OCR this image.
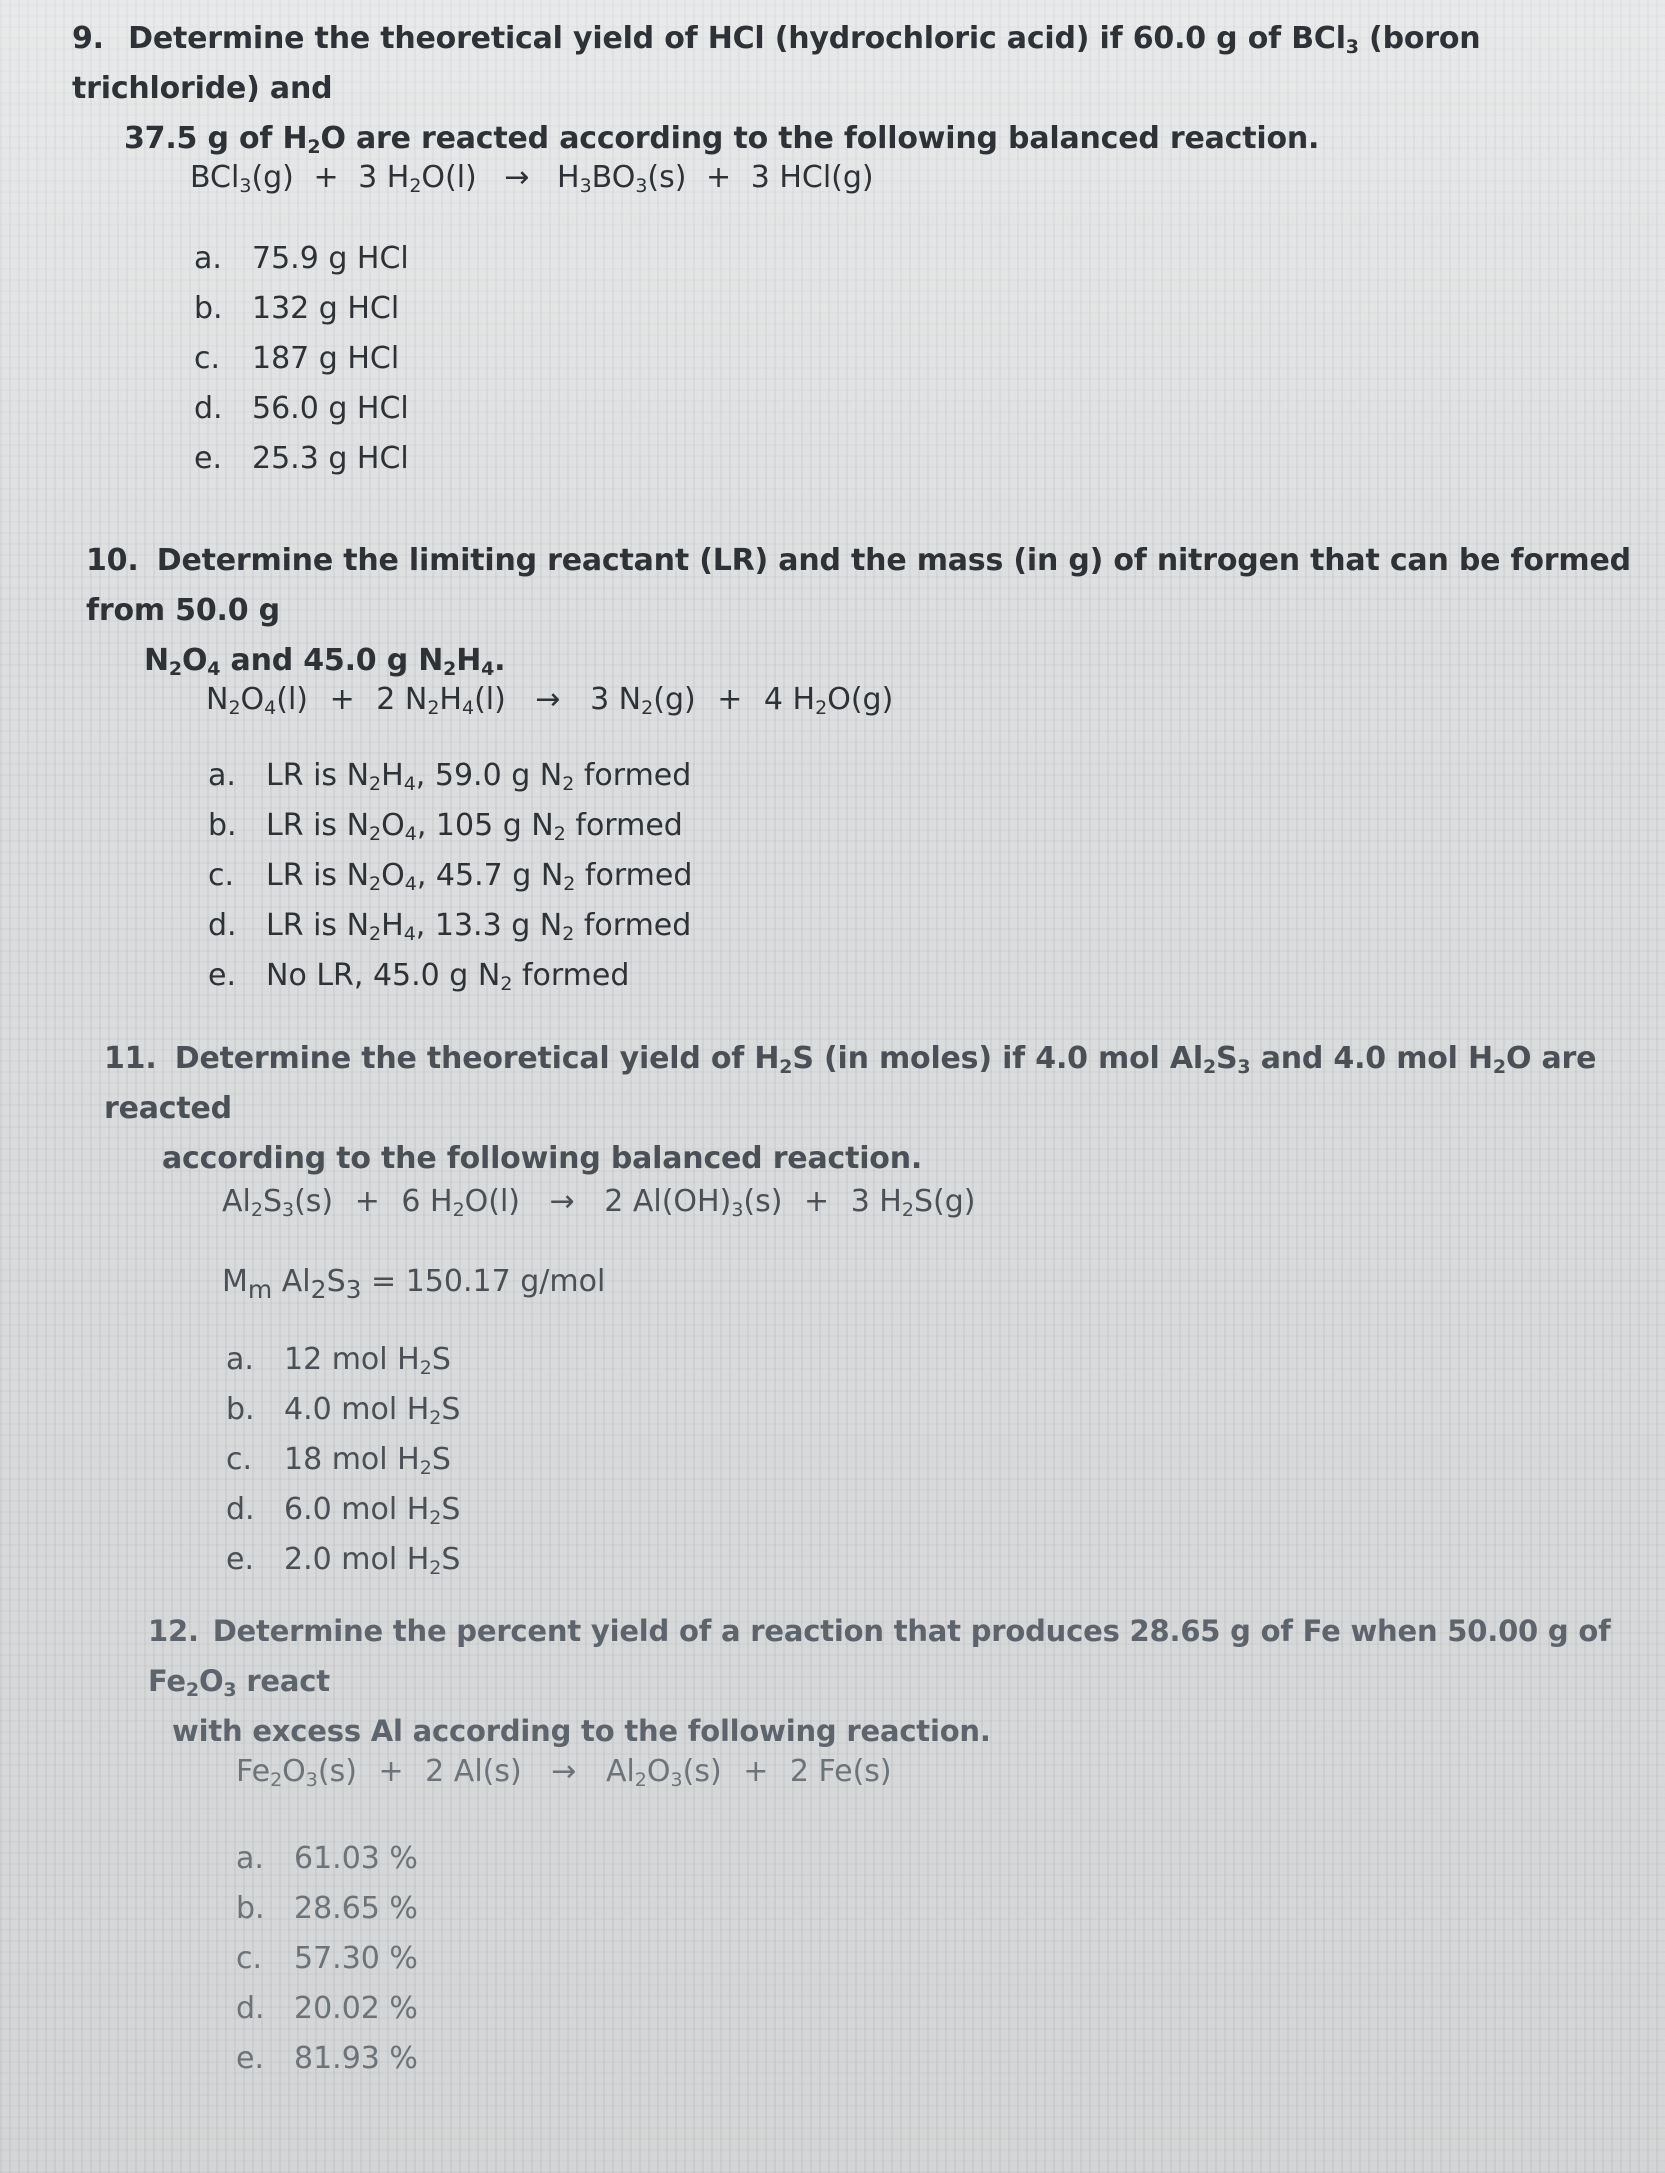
9. Determine the theoretical yield of HCl (hydrochloric acid) if 60.0 g of BCl$_3$ (boron trichloride) and
37.5 g of $H_2O$ are reacted according to the following balanced reaction.
BCl$_3$(g) + 3 $H_2O(l) \to H_3BO_3(s) + 3$ HCl(g)
a. 75.9 g HCl
b. 132 g HCl
c. 187 g HCl
d. 56.0 g HCl
e. 25.3 g HCl
10. Determine the limiting reactant (LR) and the mass (in g) of nitrogen that can be formed from 50.0 g
$N_2O_4$ and 45.0 g $N_2H_4$.
$N_2O_4(l) + 2$ $N_2H_4(l) \to 3$ $N_2(g) + 4$ $H_2O(g)$
a. LR is $N_2H_4$, 59.0 g $N_2$ formed
b. LR is $N_2O_4$, 105 g $N_2$ formed
c. LR is $N_2O_4$, 45.7 g $N_2$ formed
d. LR is $N_2H_4$, 13.3 g $N_2$ formed
e. No LR, 45.0 g $N_2$ formed
11. Determine the theoretical yield of $H_2S$ (in moles) if 4.0 mol $Al_2S_3$ and 4.0 mol $H_2O$ are reacted
according to the following balanced reaction.
$Al_2S_3(s) + 6$ $H_2O(l) \to 2$ $Al(OH)_3(s) + 3$ $H_2S(g)$
$M_m$ $Al_2S_3 = 150.17$ g/mol
a. 12 mol $H_2S$
b. 4.0 mol $H_2S$
c. 18 mol $H_2S$
d. 6.0 mol $H_2S$
e. 2.0 mol $H_2S$
12. Determine the percent yield of a reaction that produces 28.65 g of Fe when 50.00 g of $Fe_2O_3$ react
with excess Al according to the following reaction.
$Fe_2O_3(s) + 2$ $Al(s) \to Al_2O_3(s) + 2$ Fe(s)
a. 61.03 %
b. 28.65 %
c. 57.30 %
d. 20.02 %
e. 81.93 %
